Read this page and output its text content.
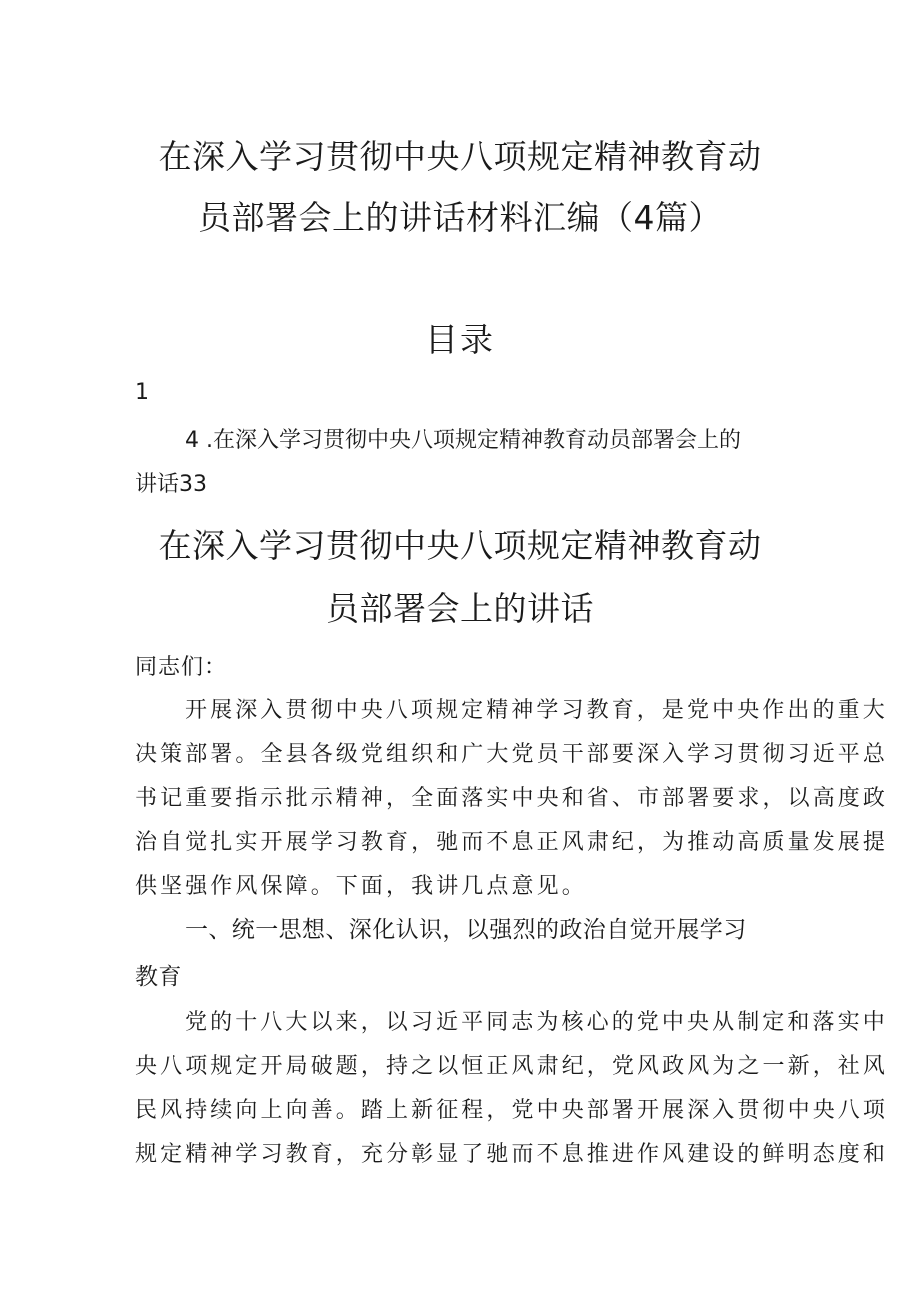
在深入学习贯彻中央八项规定精神教育动
员部署会上的讲话材料汇编（4篇）
目录
1
4 .在深入学习贯彻中央八项规定精神教育动员部署会上的
讲话33
在深入学习贯彻中央八项规定精神教育动
员部署会上的讲话
同志们：
开展深入贯彻中央八项规定精神学习教育，是党中央作出的重大
决策部署。全县各级党组织和广大党员干部要深入学习贯彻习近平总
书记重要指示批示精神，全面落实中央和省、市部署要求，以高度政
治自觉扎实开展学习教育，驰而不息正风肃纪，为推动高质量发展提
供坚强作风保障。下面，我讲几点意见。
一、统一思想、深化认识，以强烈的政治自觉开展学习
教育
党的十八大以来，以习近平同志为核心的党中央从制定和落实中
央八项规定开局破题，持之以恒正风肃纪，党风政风为之一新，社风
民风持续向上向善。踏上新征程，党中央部署开展深入贯彻中央八项
规定精神学习教育，充分彰显了驰而不息推进作风建设的鲜明态度和
